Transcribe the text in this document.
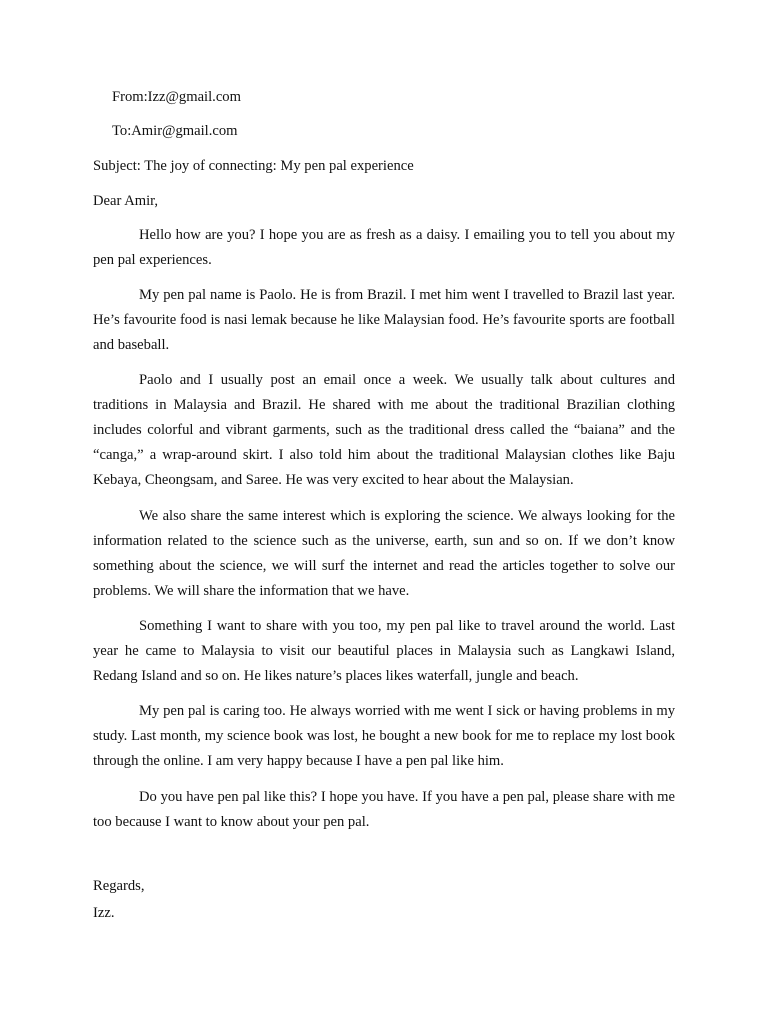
From:Izz@gmail.com
To:Amir@gmail.com
Subject: The joy of connecting: My pen pal experience
Dear Amir,

Hello how are you? I hope you are as fresh as a daisy. I emailing you to tell you about my pen pal experiences.

My pen pal name is Paolo. He is from Brazil. I met him went I travelled to Brazil last year. He’s favourite food is nasi lemak because he like Malaysian food. He’s favourite sports are football and baseball.

Paolo and I usually post an email once a week. We usually talk about cultures and traditions in Malaysia and Brazil. He shared with me about the traditional Brazilian clothing includes colorful and vibrant garments, such as the traditional dress called the “baiana” and the “canga,” a wrap-around skirt. I also told him about the traditional Malaysian clothes like Baju Kebaya, Cheongsam, and Saree. He was very excited to hear about the Malaysian.

We also share the same interest which is exploring the science. We always looking for the information related to the science such as the universe, earth, sun and so on. If we don’t know something about the science, we will surf the internet and read the articles together to solve our problems. We will share the information that we have.

Something I want to share with you too, my pen pal like to travel around the world. Last year he came to Malaysia to visit our beautiful places in Malaysia such as Langkawi Island, Redang Island and so on. He likes nature’s places likes waterfall, jungle and beach.

My pen pal is caring too. He always worried with me went I sick or having problems in my study. Last month, my science book was lost, he bought a new book for me to replace my lost book through the online. I am very happy because I have a pen pal like him.

Do you have pen pal like this? I hope you have. If you have a pen pal, please share with me too because I want to know about your pen pal.

Regards,
Izz.
